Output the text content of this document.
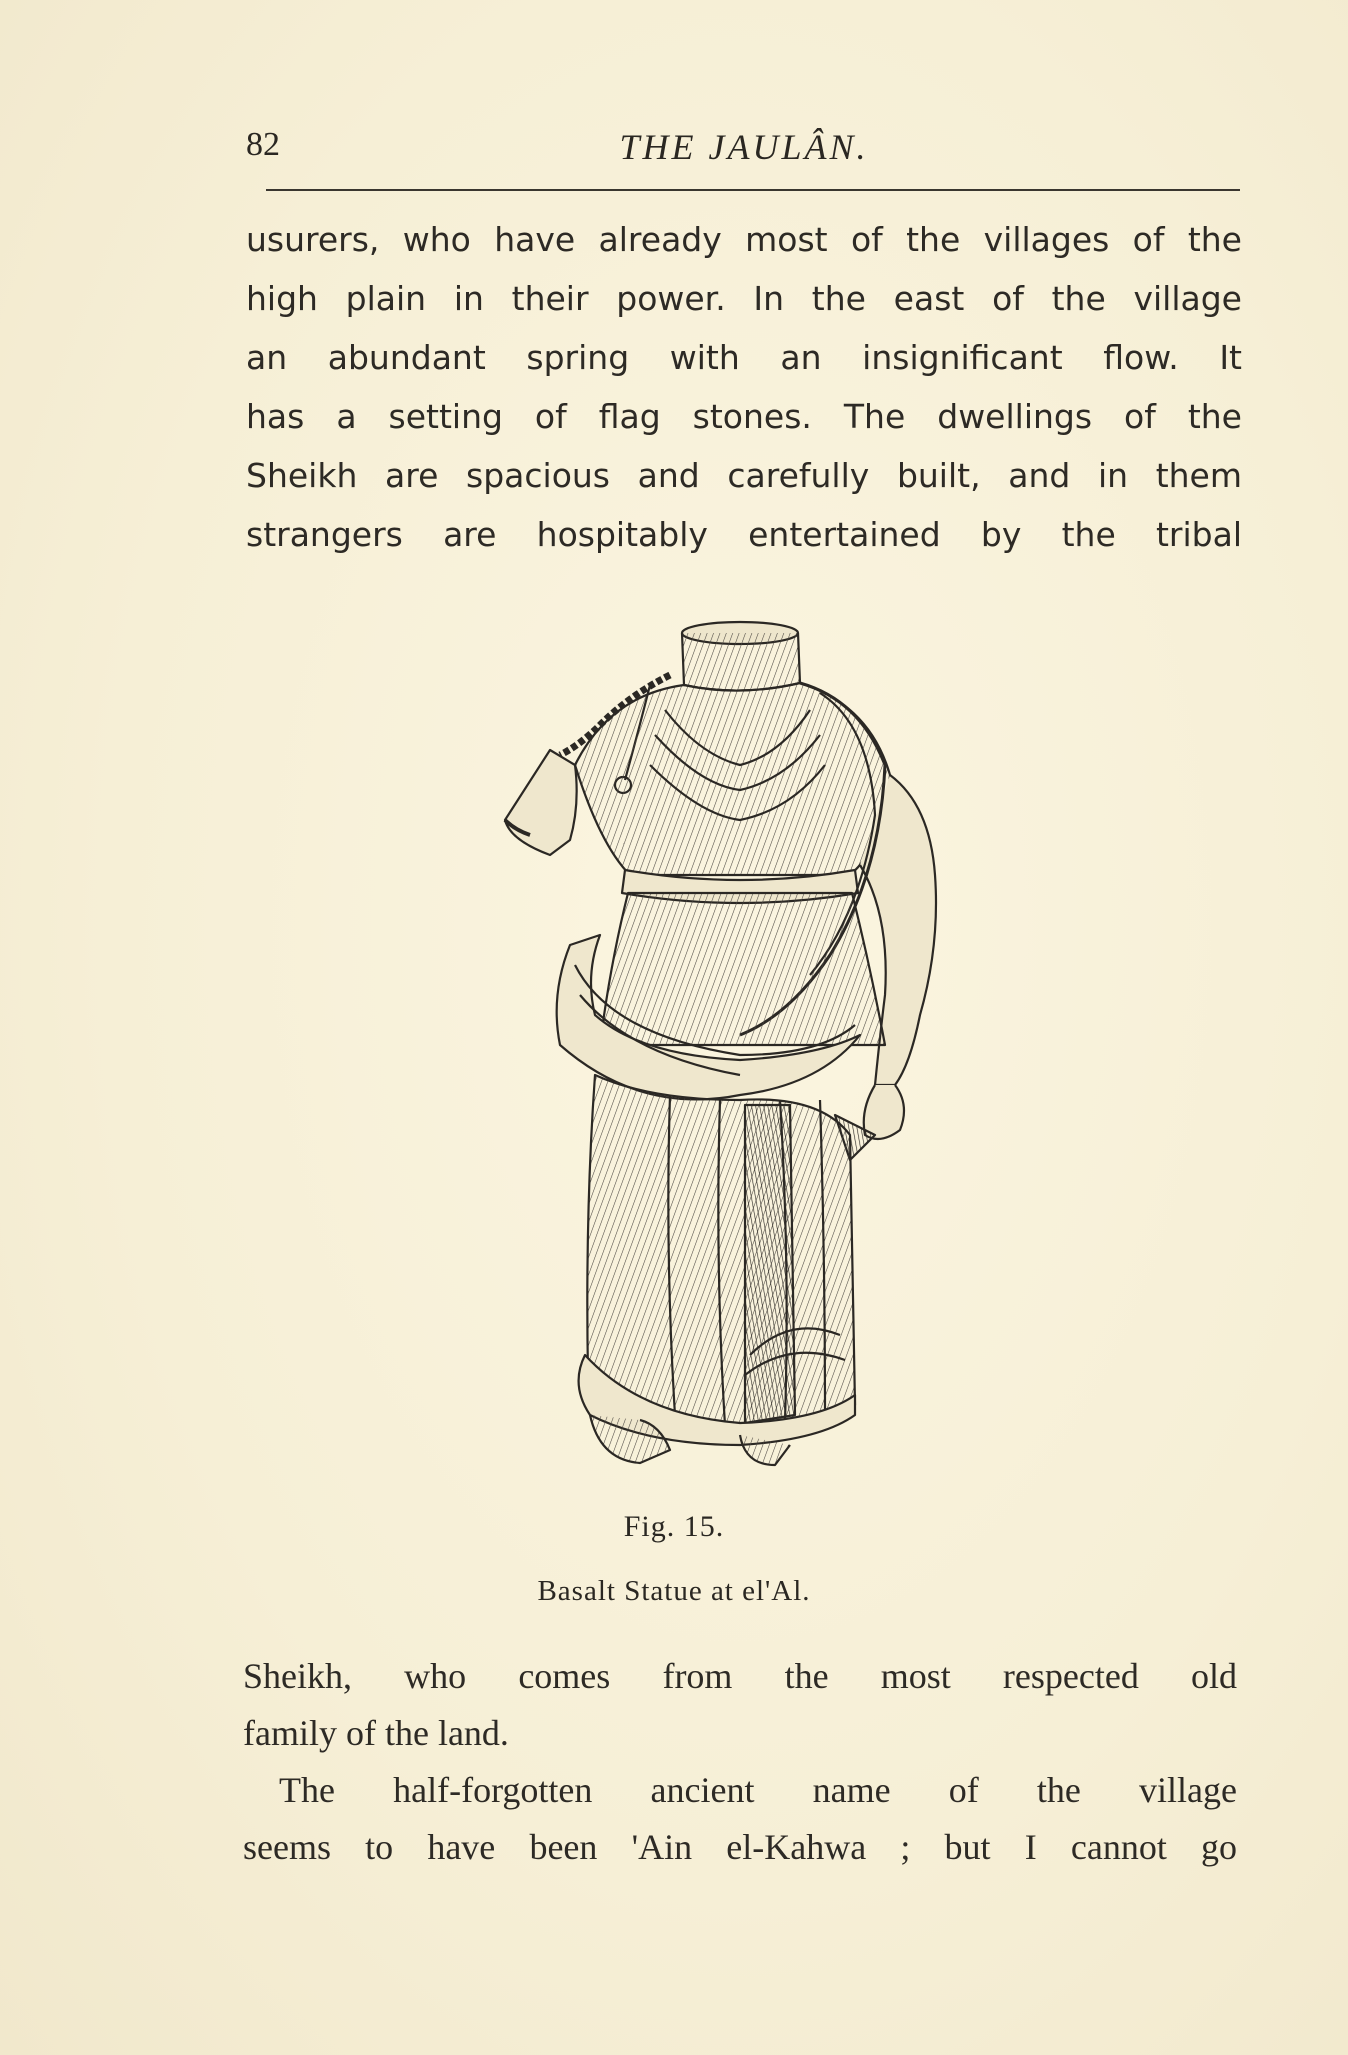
82	THE JAULÂN.
usurers, who have already most of the villages of the
high plain in their power. In the east of the village
an abundant spring with an insignificant flow. It
has a setting of flag stones. The dwellings of the
Sheikh are spacious and carefully built, and in them
strangers are hospitably entertained by the tribal
Fig. 15.
Basalt Statue at el'Al.
Sheikh, who comes from the most respected old
family of the land.
The half-forgotten ancient name of the village
seems to have been 'Ain el-Kahwa ; but I cannot go
